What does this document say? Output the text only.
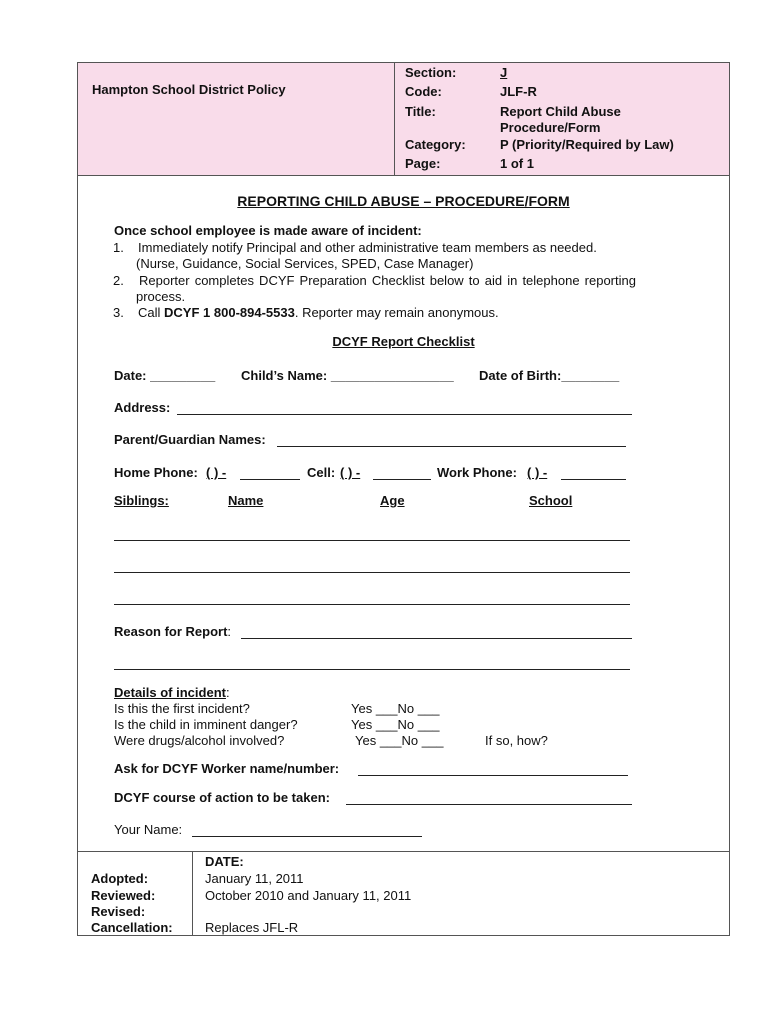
Hampton School District Policy
Section:	J
Code:	JLF-R
Title:	Report Child Abuse
Procedure/Form
Category:	P (Priority/Required by Law)
Page:	1 of 1
REPORTING CHILD ABUSE – PROCEDURE/FORM
Once school employee is made aware of incident:
1. Immediately notify Principal and other administrative team members as needed.
(Nurse, Guidance, Social Services, SPED, Case Manager)
2. Reporter completes DCYF Preparation Checklist below to aid in telephone reporting
process.
3. Call DCYF 1 800-894-5533. Reporter may remain anonymous.
DCYF Report Checklist
Date: _________ Child’s Name: _________________ Date of Birth:________
Address:
Parent/Guardian Names:
Home Phone: ( ) -	Cell: ( ) -	Work Phone: ( ) -
Siblings:	Name	Age	School
Reason for Report:
Details of incident:
Is this the first incident?	Yes ___No ___
Is the child in imminent danger?	Yes ___No ___
Were drugs/alcohol involved?	Yes ___No ___	If so, how?
Ask for DCYF Worker name/number:
DCYF course of action to be taken:
Your Name:
DATE:
Adopted:	January 11, 2011
Reviewed:	October 2010 and January 11, 2011
Revised:
Cancellation: Replaces JFL-R
